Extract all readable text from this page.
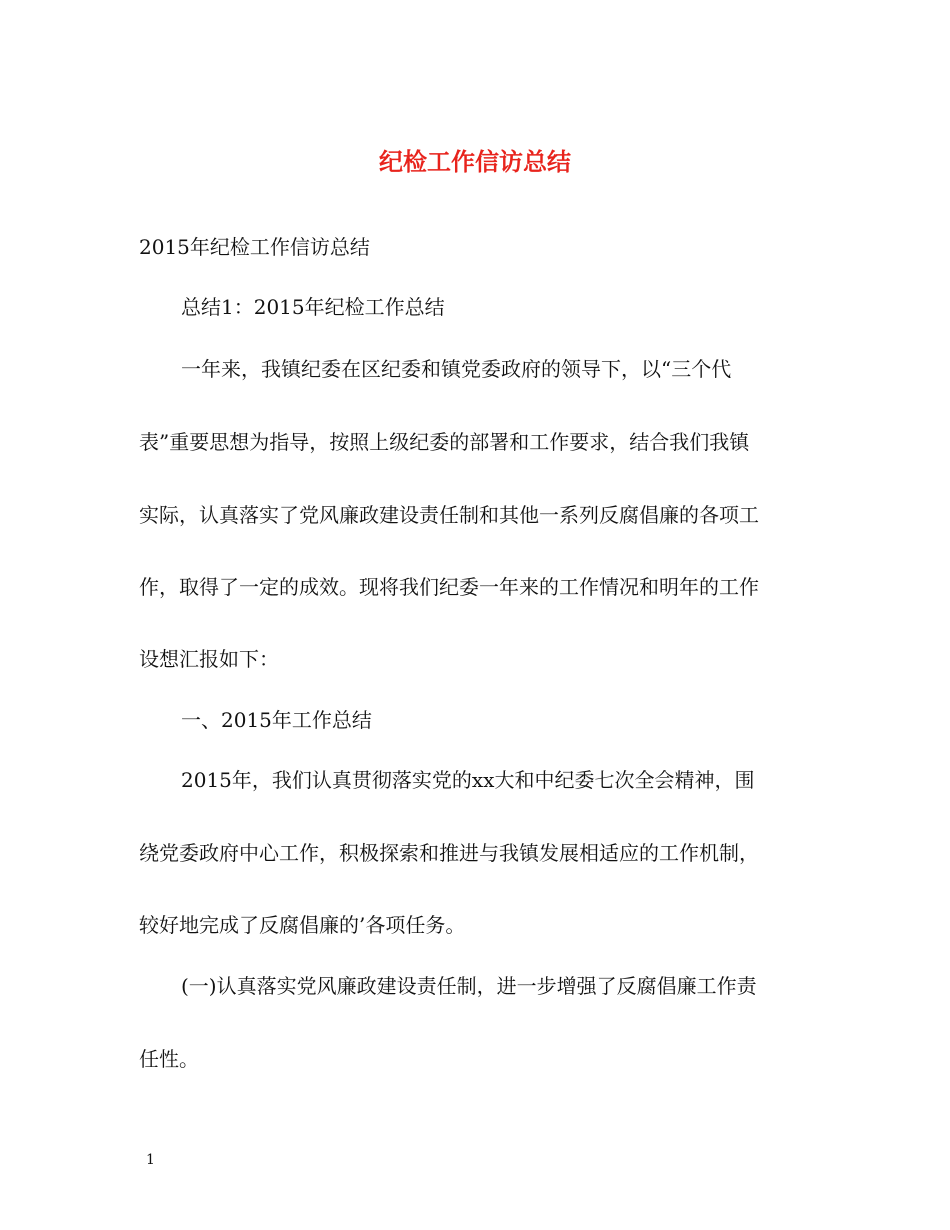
纪检工作信访总结
2015年纪检工作信访总结
总结1：2015年纪检工作总结
一年来，我镇纪委在区纪委和镇党委政府的领导下，以“三个代
表”重要思想为指导，按照上级纪委的部署和工作要求，结合我们我镇
实际，认真落实了党风廉政建设责任制和其他一系列反腐倡廉的各项工
作，取得了一定的成效。现将我们纪委一年来的工作情况和明年的工作
设想汇报如下：
一、2015年工作总结
2015年，我们认真贯彻落实党的xx大和中纪委七次全会精神，围
绕党委政府中心工作，积极探索和推进与我镇发展相适应的工作机制，
较好地完成了反腐倡廉的’各项任务。
(一)认真落实党风廉政建设责任制，进一步增强了反腐倡廉工作责
任性。
1
